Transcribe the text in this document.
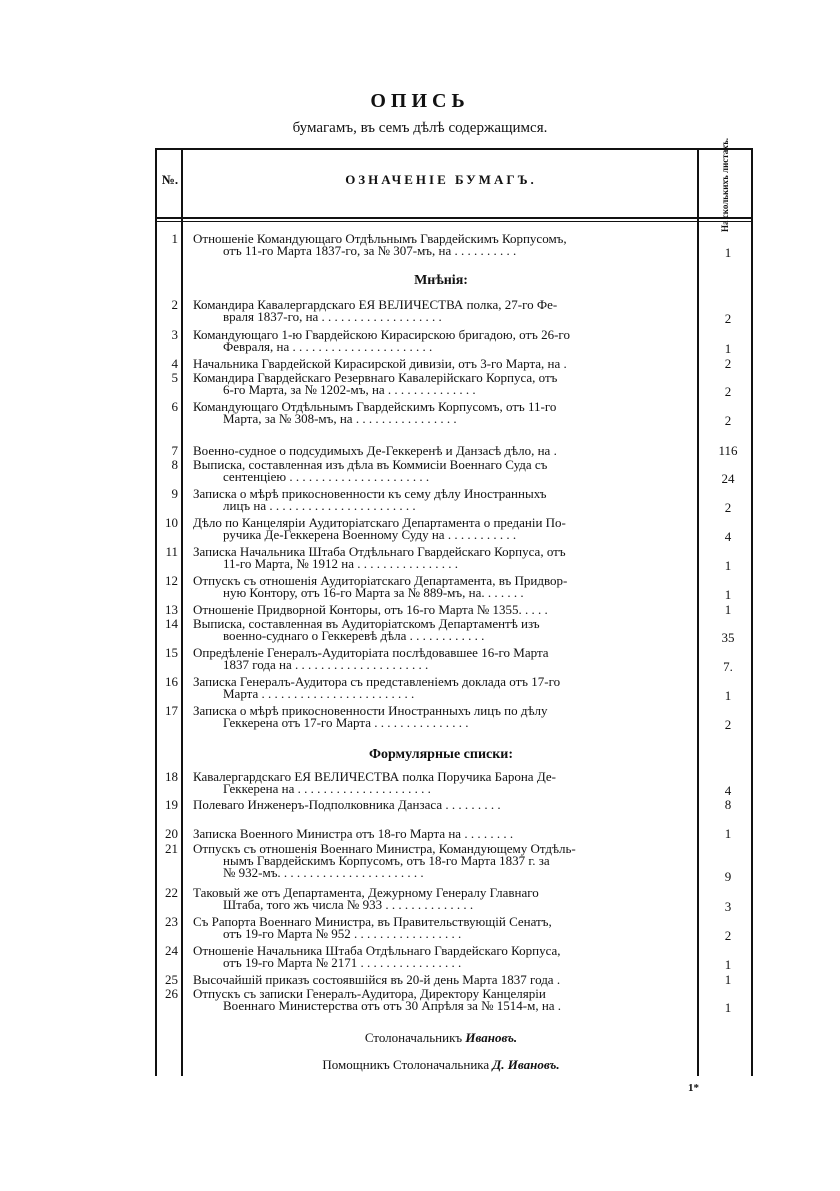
ОПИСЬ
бумагамъ, въ семъ дѣлѣ содержащимся.
№.	ОЗНАЧЕНІЕ БУМАГЪ.	На сколькихъ листахъ.
1 Отношеніе Командующаго Отдѣльнымъ Гвардейскимъ Корпусомъ,
отъ 11-го Марта 1837-го, за № 307-мъ, на . . . . . . . . . .	1
Мнѣнія:
2 Командира Кавалергардскаго ЕЯ ВЕЛИЧЕСТВА полка, 27-го Фе-
враля 1837-го, на . . . . . . . . . . . . . . . . . . .	2
3 Командующаго 1-ю Гвардейскою Кирасирскою бригадою, отъ 26-го
Февраля, на . . . . . . . . . . . . . . . . . . . . . .	1
4 Начальника Гвардейской Кирасирской дивизіи, отъ 3-го Марта, на .	2
5 Командира Гвардейскаго Резервнаго Кавалерійскаго Корпуса, отъ
6-го Марта, за № 1202-мъ, на . . . . . . . . . . . . . .	2
6 Командующаго Отдѣльнымъ Гвардейскимъ Корпусомъ, отъ 11-го
Марта, за № 308-мъ, на . . . . . . . . . . . . . . . .	2
7 Военно-судное о подсудимыхъ Де-Геккеренѣ и Данзасѣ дѣло, на .	116
8 Выписка, составленная изъ дѣла въ Коммисіи Военнаго Суда съ
сентенціею . . . . . . . . . . . . . . . . . . . . . .	24
9 Записка о мѣрѣ прикосновенности къ сему дѣлу Иностранныхъ
лицъ на . . . . . . . . . . . . . . . . . . . . . . .	2
10 Дѣло по Канцеляріи Аудиторіатскаго Департамента о преданіи По-
ручика Де-Геккерена Военному Суду на . . . . . . . . . . .	4
11 Записка Начальника Штаба Отдѣльнаго Гвардейскаго Корпуса, отъ
11-го Марта, № 1912 на . . . . . . . . . . . . . . . .	1
12 Отпускъ съ отношенія Аудиторіатскаго Департамента, въ Придвор-
ную Контору, отъ 16-го Марта за № 889-мъ, на. . . . . . .	1
13 Отношеніе Придворной Конторы, отъ 16-го Марта № 1355. . . . .	1
14 Выписка, составленная въ Аудиторіатскомъ Департаментѣ изъ
военно-суднаго о Геккеревѣ дѣла . . . . . . . . . . . .	35
15 Опредѣленіе Генералъ-Аудиторіата послѣдовавшее 16-го Марта
1837 года на . . . . . . . . . . . . . . . . . . . . .	7.
16 Записка Генералъ-Аудитора съ представленіемъ доклада отъ 17-го
Марта . . . . . . . . . . . . . . . . . . . . . . . .	1
17 Записка о мѣрѣ прикосновенности Иностранныхъ лицъ по дѣлу
Геккерена отъ 17-го Марта . . . . . . . . . . . . . . .	2
Формулярные списки:
18 Кавалергардскаго ЕЯ ВЕЛИЧЕСТВА полка Поручика Барона Де-
Геккерена на . . . . . . . . . . . . . . . . . . . . .	4
19 Полеваго Инженеръ-Подполковника Данзаса . . . . . . . . .	8
20 Записка Военного Министра отъ 18-го Марта на . . . . . . . .	1
21 Отпускъ съ отношенія Военнаго Министра, Командующему Отдѣль-
нымъ Гвардейскимъ Корпусомъ, отъ 18-го Марта 1837 г. за
№ 932-мъ. . . . . . . . . . . . . . . . . . . . . . .	9
22 Таковый же отъ Департамента, Дежурному Генералу Главнаго
Штаба, того жъ числа № 933 . . . . . . . . . . . . . .	3
23 Съ Рапорта Военнаго Министра, въ Правительствующій Сенатъ,
отъ 19-го Марта № 952 . . . . . . . . . . . . . . . . .	2
24 Отношеніе Начальника Штаба Отдѣльнаго Гвардейскаго Корпуса,
отъ 19-го Марта № 2171 . . . . . . . . . . . . . . . .	1
25 Высочайшій приказъ состоявшійся въ 20-й день Марта 1837 года .	1
26 Отпускъ съ записки Генералъ-Аудитора, Директору Канцеляріи
Военнаго Министерства отъ отъ 30 Апрѣля за № 1514-м, на .	1
Столоначальникъ Ивановъ.
Помощникъ Столоначальника Д. Ивановъ.
1*
